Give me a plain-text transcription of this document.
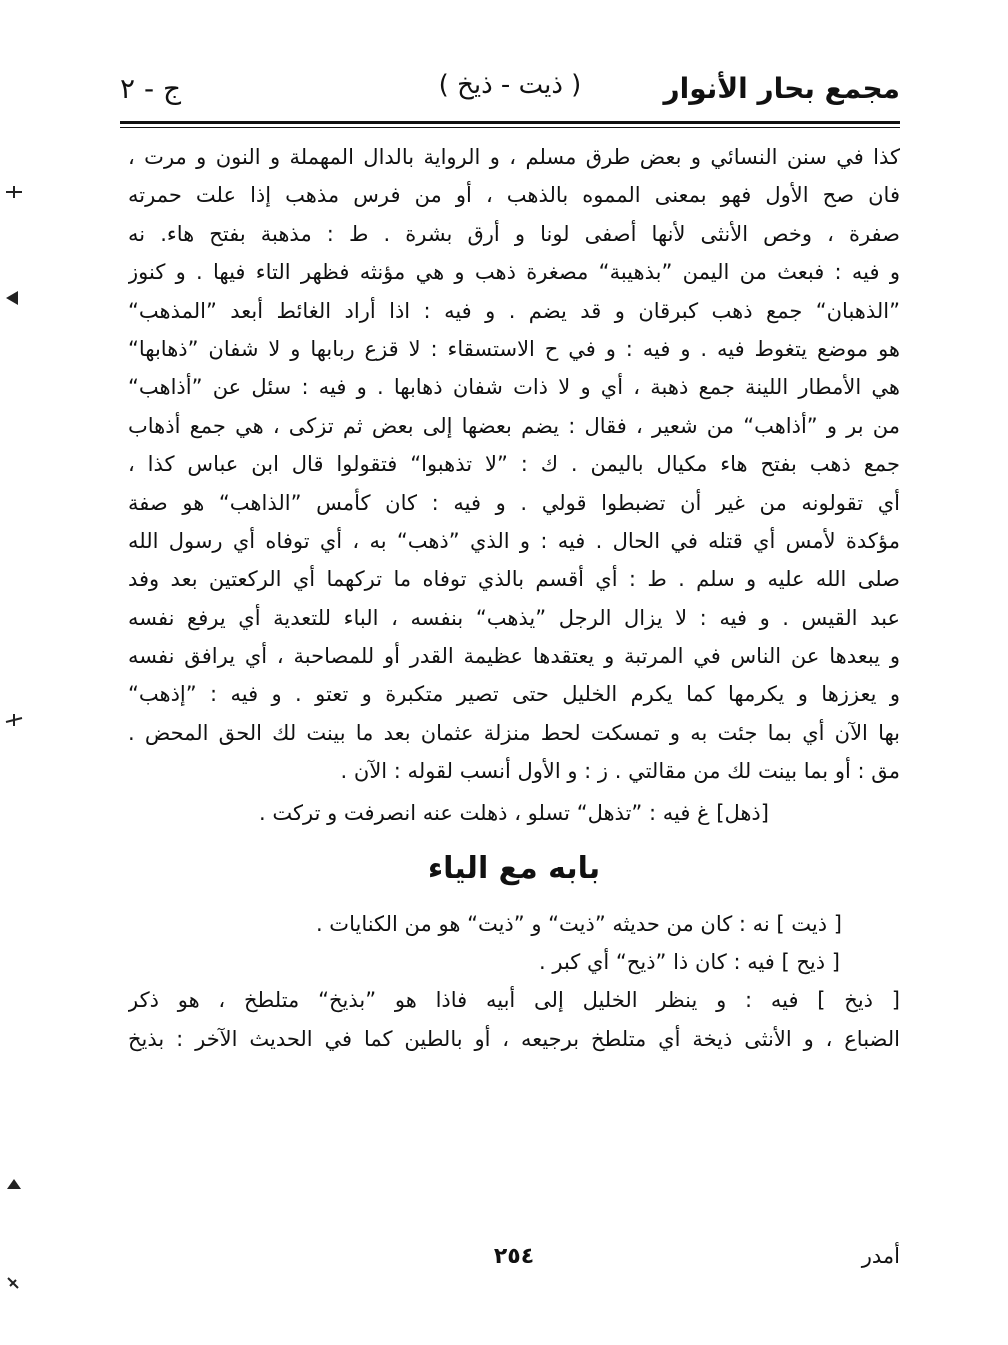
مجمع بحار الأنوار
( ذيت - ذيخ )
ج - ٢
كذا في سنن النسائي و بعض طرق مسلم ، و الرواية بالدال المهملة و النون و مرت ،
فان صح الأول فهو بمعنى المموه بالذهب ، أو من فرس مذهب إذا علت حمرته
صفرة ، وخص الأنثى لأنها أصفى لونا و أرق بشرة . ط : مذهبة بفتح هاء. نه
و فيه : فبعث من اليمن ”بذهيبة“ مصغرة ذهب و هي مؤنثه فظهر التاء فيها . و كنوز
”الذهبان“ جمع ذهب كبرقان و قد يضم . و فيه : اذا أراد الغائط أبعد ”المذهب“
هو موضع يتغوط فيه . و فيه : و في ح الاستسقاء : لا قزع ربابها و لا شفان ”ذهابها“
هي الأمطار اللينة جمع ذهبة ، أي و لا ذات شفان ذهابها . و فيه : سئل عن ”أذاهب“
من بر و ”أذاهب“ من شعير ، فقال : يضم بعضها إلى بعض ثم تزكى ، هي جمع أذهاب
جمع ذهب بفتح هاء مكيال باليمن . ك : ”لا تذهبوا“ فتقولوا قال ابن عباس كذا ،
أي تقولونه من غير أن تضبطوا قولي . و فيه : كان كأمس ”الذاهب“ هو صفة
مؤكدة لأمس أي قتله في الحال . فيه : و الذي ”ذهب“ به ، أي توفاه أي رسول الله
صلى الله عليه و سلم . ط : أي أقسم بالذي توفاه ما تركهما أي الركعتين بعد وفد
عبد القيس . و فيه : لا يزال الرجل ”يذهب“ بنفسه ، الباء للتعدية أي يرفع نفسه
و يبعدها عن الناس في المرتبة و يعتقدها عظيمة القدر أو للمصاحبة ، أي يرافق نفسه
و يعززها و يكرمها كما يكرم الخليل حتى تصير متكبرة و تعتو . و فيه : ”إذهب“
بها الآن أي بما جئت به و تمسكت لحط منزلة عثمان بعد ما بينت لك الحق المحض .
مق : أو بما بينت لك من مقالتي . ز : و الأول أنسب لقوله : الآن .
[ذهل] غ فيه : ”تذهل“ تسلو ، ذهلت عنه انصرفت و تركت .
بابه مع الياء
[ ذيت ] نه : كان من حديثه ”ذيت“ و ”ذيت“ هو من الكنايات .
[ ذيح ] فيه : كان ذا ”ذيح“ أي كبر .
[ ذيخ ] فيه : و ينظر الخليل إلى أبيه فاذا هو ”بذيخ“ متلطخ ، هو ذكر
الضباع ، و الأنثى ذيخة أي متلطخ برجيعه ، أو بالطين كما في الحديث الآخر : بذيخ
أمدر
٢٥٤
